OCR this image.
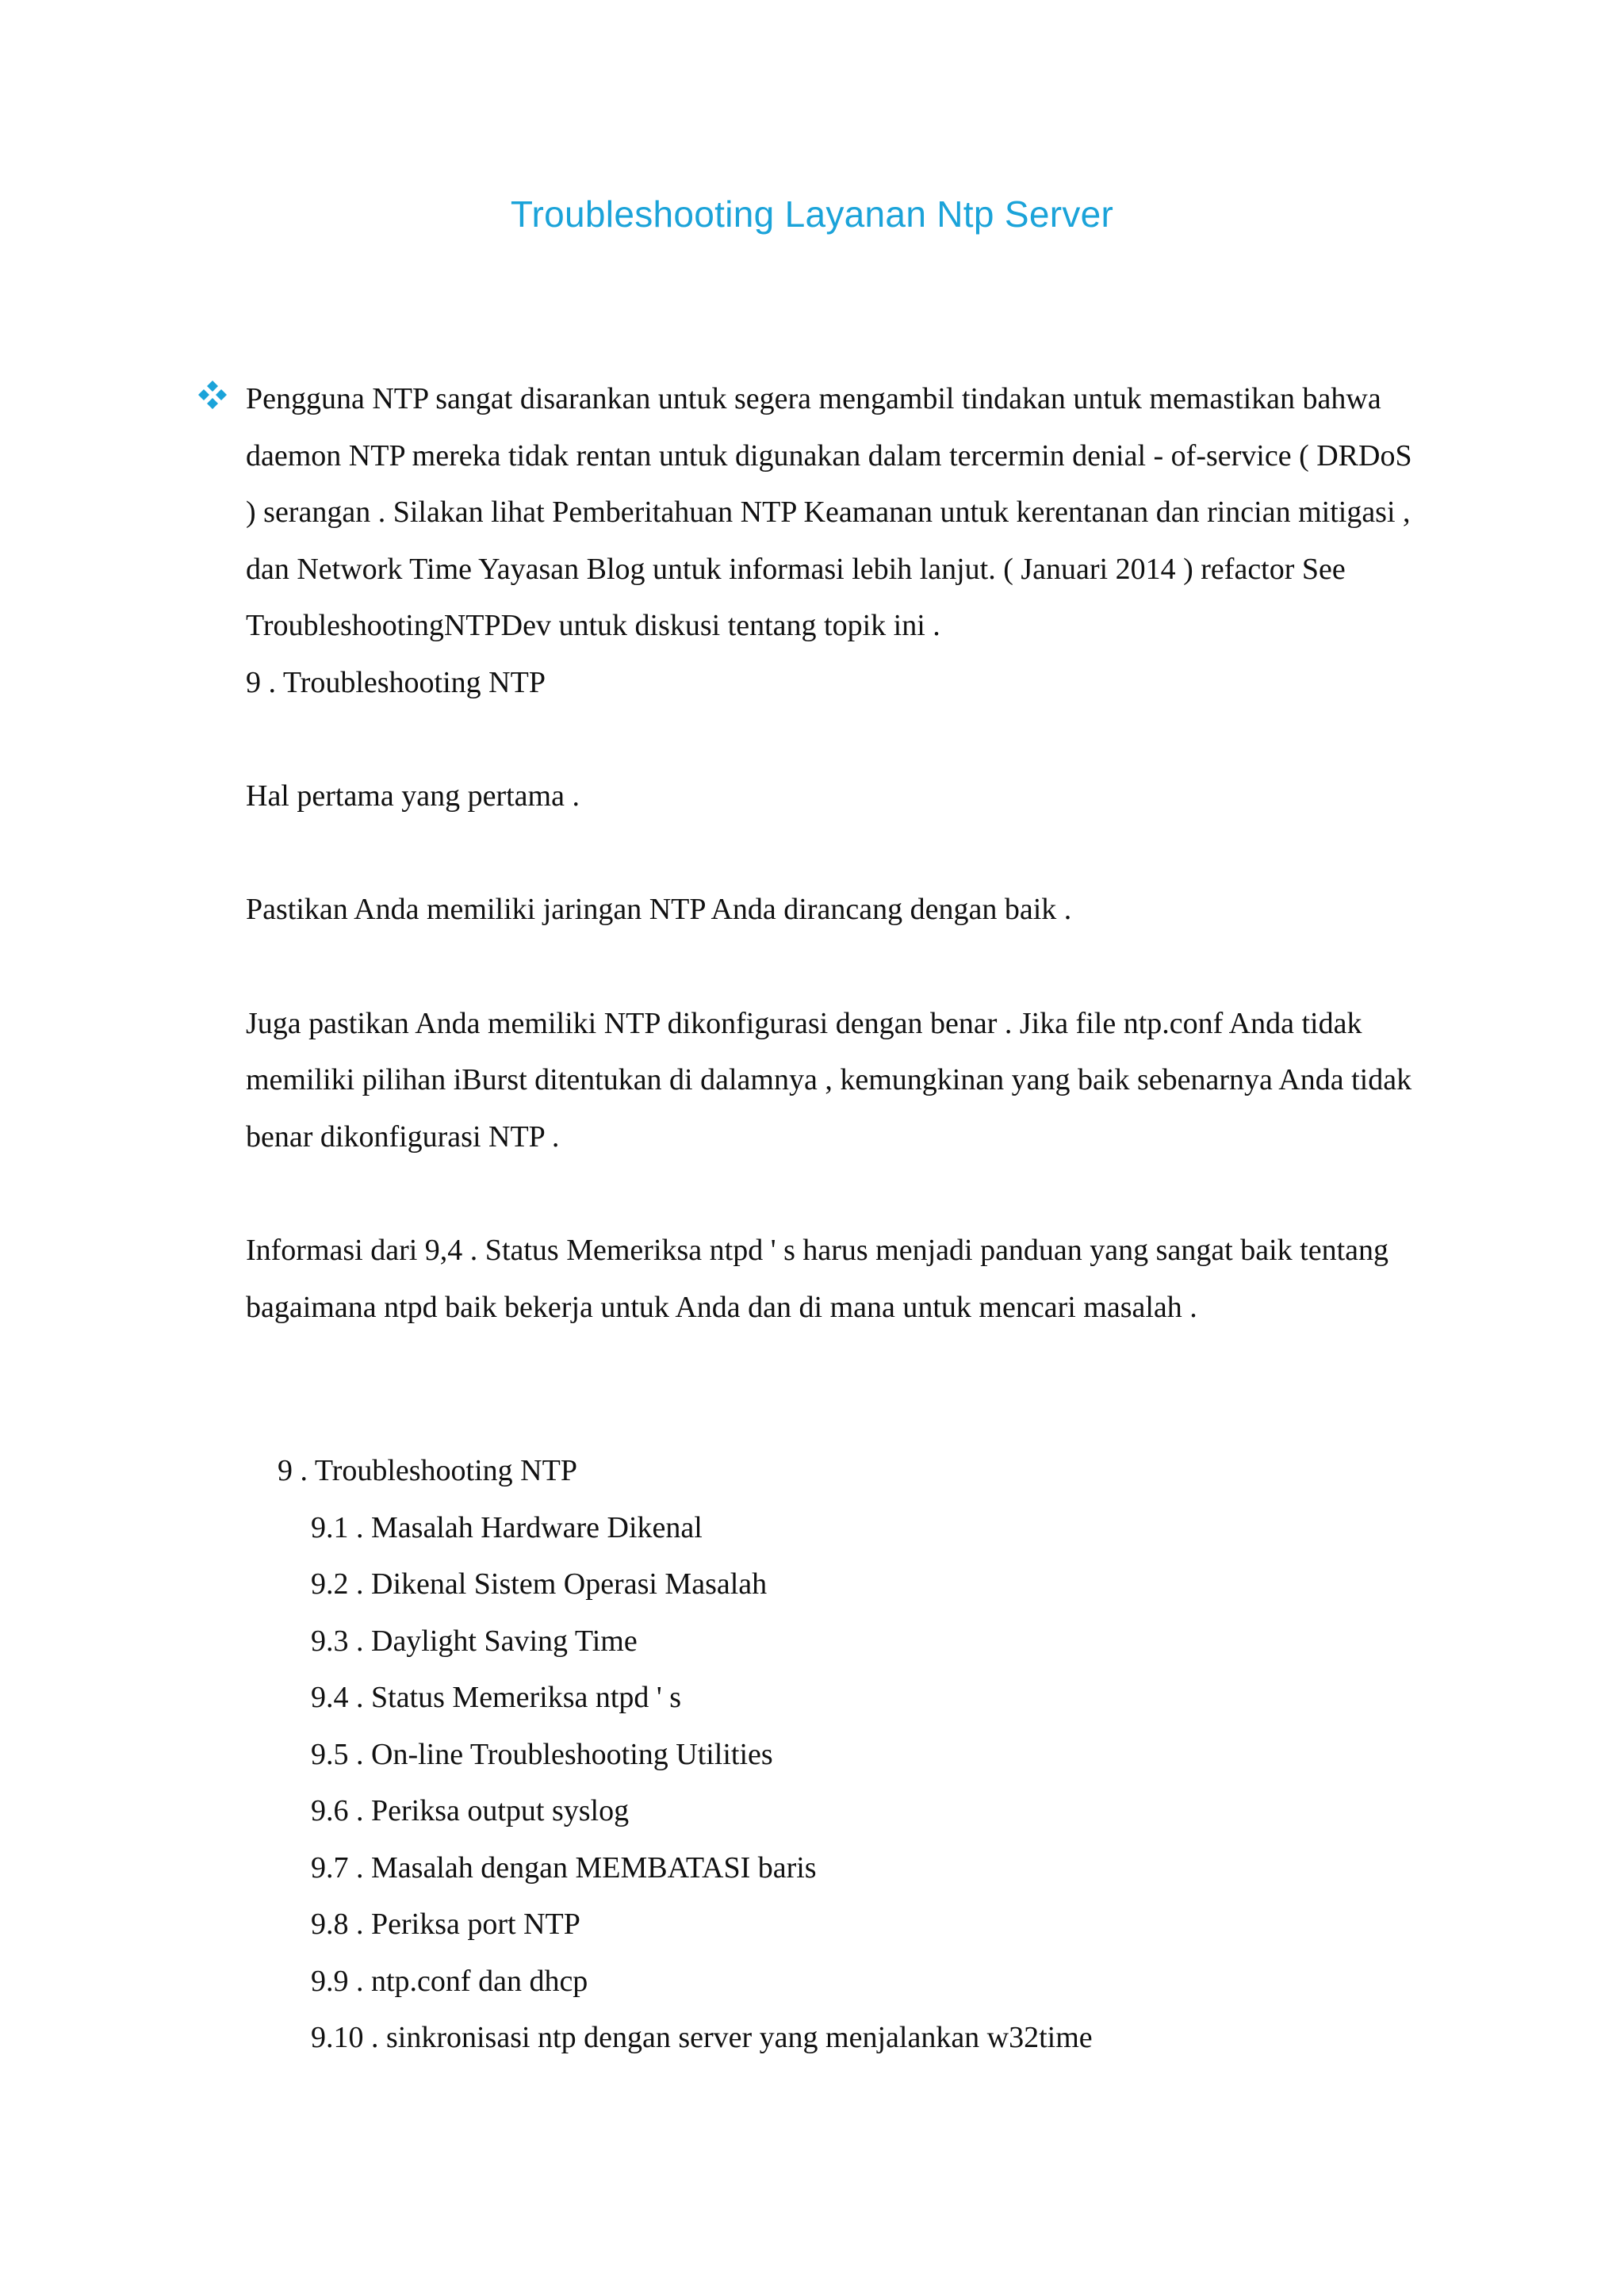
Troubleshooting Layanan Ntp Server

Pengguna NTP sangat disarankan untuk segera mengambil tindakan untuk memastikan bahwa daemon NTP mereka tidak rentan untuk digunakan dalam tercermin denial - of-service ( DRDoS ) serangan . Silakan lihat Pemberitahuan NTP Keamanan untuk kerentanan dan rincian mitigasi , dan Network Time Yayasan Blog untuk informasi lebih lanjut. ( Januari 2014 ) refactor See TroubleshootingNTPDev untuk diskusi tentang topik ini .

9 . Troubleshooting NTP

Hal pertama yang pertama .

Pastikan Anda memiliki jaringan NTP Anda dirancang dengan baik .

Juga pastikan Anda memiliki NTP dikonfigurasi dengan benar . Jika file ntp.conf Anda tidak memiliki pilihan iBurst ditentukan di dalamnya , kemungkinan yang baik sebenarnya Anda tidak benar dikonfigurasi NTP .

Informasi dari 9,4 . Status Memeriksa ntpd ' s harus menjadi panduan yang sangat baik tentang bagaimana ntpd baik bekerja untuk Anda dan di mana untuk mencari masalah .

9 . Troubleshooting NTP
9.1 . Masalah Hardware Dikenal
9.2 . Dikenal Sistem Operasi Masalah
9.3 . Daylight Saving Time
9.4 . Status Memeriksa ntpd ' s
9.5 . On-line Troubleshooting Utilities
9.6 . Periksa output syslog
9.7 . Masalah dengan MEMBATASI baris
9.8 . Periksa port NTP
9.9 . ntp.conf dan dhcp
9.10 . sinkronisasi ntp dengan server yang menjalankan w32time
